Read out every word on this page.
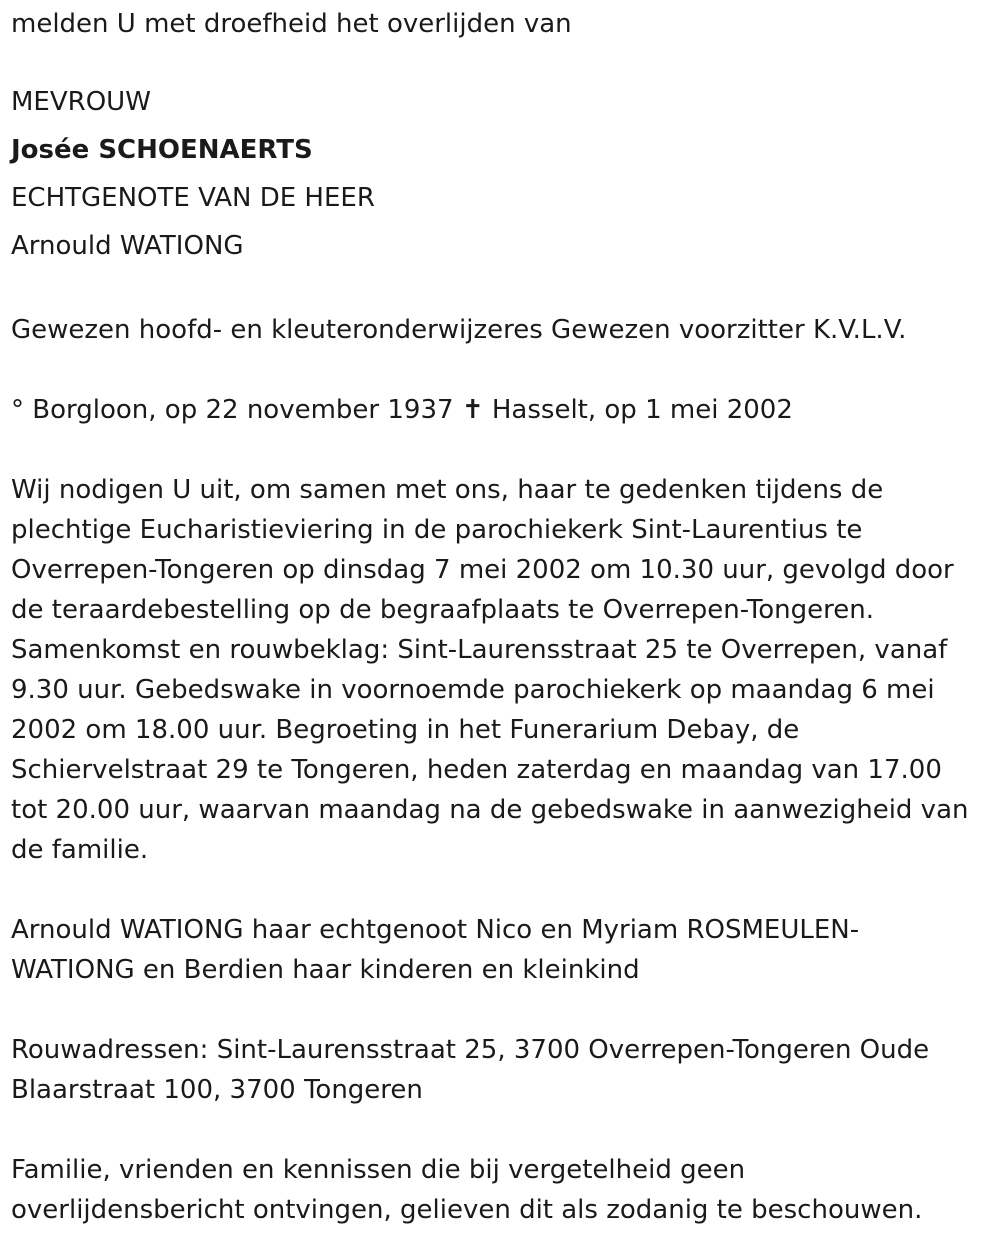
melden U met droefheid het overlijden van

MEVROUW
Josée SCHOENAERTS
ECHTGENOTE VAN DE HEER
Arnould WATIONG

Gewezen hoofd- en kleuteronderwijzeres Gewezen voorzitter K.V.L.V.

° Borgloon, op 22 november 1937 ✝ Hasselt, op 1 mei 2002

Wij nodigen U uit, om samen met ons, haar te gedenken tijdens de
plechtige Eucharistieviering in de parochiekerk Sint-Laurentius te
Overrepen-Tongeren op dinsdag 7 mei 2002 om 10.30 uur, gevolgd door
de teraardebestelling op de begraafplaats te Overrepen-Tongeren.
Samenkomst en rouwbeklag: Sint-Laurensstraat 25 te Overrepen, vanaf
9.30 uur. Gebedswake in voornoemde parochiekerk op maandag 6 mei
2002 om 18.00 uur. Begroeting in het Funerarium Debay, de
Schiervelstraat 29 te Tongeren, heden zaterdag en maandag van 17.00
tot 20.00 uur, waarvan maandag na de gebedswake in aanwezigheid van
de familie.

Arnould WATIONG haar echtgenoot Nico en Myriam ROSMEULEN-
WATIONG en Berdien haar kinderen en kleinkind

Rouwadressen: Sint-Laurensstraat 25, 3700 Overrepen-Tongeren Oude
Blaarstraat 100, 3700 Tongeren

Familie, vrienden en kennissen die bij vergetelheid geen
overlijdensbericht ontvingen, gelieven dit als zodanig te beschouwen.
